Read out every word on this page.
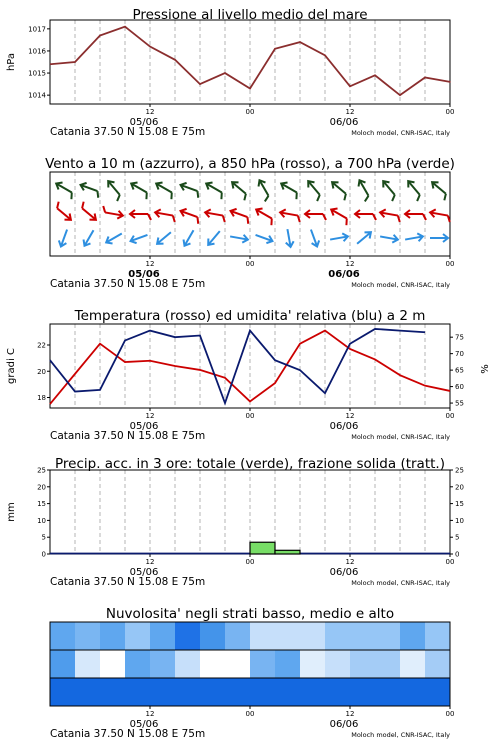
Pressione al livello medio del mare
12
05/06
00	12
06/06
00
Catania 37.50 N 15.08 E 75m	Moloch model, CNR-ISAC, Italy
Vento a 10 m (azzurro), a 850 hPa (rosso), a 700 hPa (verde)
12
05/06
00	12
06/06
00
Catania 37.50 N 15.08 E 75m	Moloch model, CNR-ISAC, Italy
Temperatura (rosso) ed umidita' relativa (blu) a 2 m
12
05/06
00	12
06/06
00
Catania 37.50 N 15.08 E 75m	Moloch model, CNR-ISAC, Italy
Precip. acc. in 3 ore: totale (verde), frazione solida (tratt.)
12
05/06
00	12
06/06
00
Catania 37.50 N 15.08 E 75m	Moloch model, CNR-ISAC, Italy
Nuvolosita' negli strati basso, medio e alto
12
05/06
00	12
06/06
00
Catania 37.50 N 15.08 E 75m	Moloch model, CNR-ISAC, Italy
1014
1015
1016
1017
hPa
18
20
22
55
60
65
70
75
gradi C	%
0	0
5	5
10	10
15	15
20	20
25	25
mm
